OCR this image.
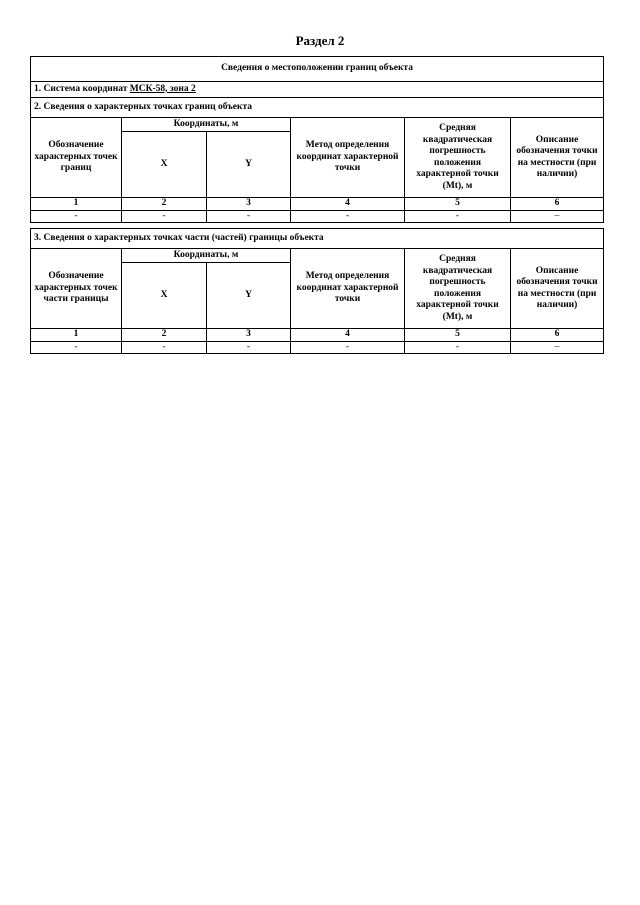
Раздел 2
Сведения о местоположении границ объекта					
1. Система координат МСК-58, зона 2					
2. Сведения о характерных точках границ объекта					
Обозначение характерных точек границ	Координаты, м		Метод определения координат характерной точки	Средняя квадратическая погрешность положения характерной точки (Mt), м	Описание обозначения точки на местности (при наличии)
	X	Y			
1	2	3	4	5	6
-	-	-	-	-	–
3. Сведения о характерных точках части (частей) границы объекта					
Обозначение характерных точек части границы	Координаты, м		Метод определения координат характерной точки	Средняя квадратическая погрешность положения характерной точки (Mt), м	Описание обозначения точки на местности (при наличии)
	X	Y			
1	2	3	4	5	6
-	-	-	-	-	–
